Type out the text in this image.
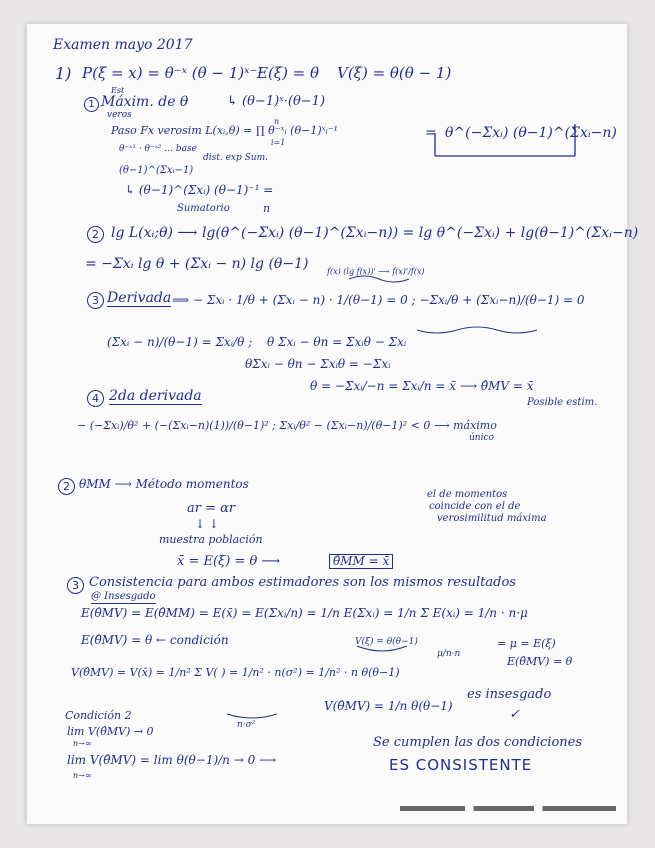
Examen mayo 2017
1) P(ξ = x) = θ⁻ˣ (θ − 1)ˣ⁻¹
E(ξ) = θ V(ξ) = θ(θ − 1)
1
Est
Máxim. de θ
veros
↳ (θ−1)ˣ·(θ−1)
Paso Fx verosim L(xᵢ,θ) = ∏ θ⁻ˣᵢ (θ−1)ˣᵢ⁻¹
n
i=1
= θ^(−Σxᵢ) (θ−1)^(Σxᵢ−n)
θ⁻ˣ¹ · θ⁻ˣ² ... base
dist. exp Sum.
(θ−1)^(Σxᵢ−1)
↳ (θ−1)^(Σxᵢ) (θ−1)⁻¹ =
Sumatorio	n
2 lg L(xᵢ;θ) ⟶ lg(θ^(−Σxᵢ) (θ−1)^(Σxᵢ−n)) = lg θ^(−Σxᵢ) + lg(θ−1)^(Σxᵢ−n)
= −Σxᵢ lg θ + (Σxᵢ − n) lg (θ−1) f(x) (lg f(x))' ⟶ f(x)'/f(x)
3 Derivada ⟹ − Σxᵢ · 1/θ + (Σxᵢ − n) · 1/(θ−1) = 0 ; −Σxᵢ/θ + (Σxᵢ−n)/(θ−1) = 0
(Σxᵢ − n)/(θ−1) = Σxᵢ/θ ; θ Σxᵢ − θn = Σxᵢθ − Σxᵢ
θΣxᵢ − θn − Σxᵢθ = −Σxᵢ
θ = −Σxᵢ/−n = Σxᵢ/n = x̄ ⟶ θ̂MV = x̄
Posible estim.
4 2da derivada
− (−Σxᵢ)/θ² + (−(Σxᵢ−n)(1))/(θ−1)² ; Σxᵢ/θ² − (Σxᵢ−n)/(θ−1)² < 0 ⟶ máximo
único
2 θMM ⟶ Método momentos
ar = αr
↓ ↓
muestra población
x̄ = E(ξ) = θ ⟶	θ̂MM = x̄
el de momentos
coincide con el de
verosimilitud máxima
3 Consistencia para ambos estimadores son los mismos resultados
@ Insesgado
E(θ̂MV) = E(θ̂MM) = E(x̄) = E(Σxᵢ/n) = 1/n E(Σxᵢ) = 1/n Σ E(xᵢ) = 1/n · n·μ
E(θ̂MV) = θ ← condición	V(ξ) = θ(θ−1)
μ/n·n
= μ = E(ξ)
E(θ̂MV) = θ
V(θ̂MV) = V(x̄) = 1/n² Σ V( ) = 1/n² · n(σ²) = 1/n² · n θ(θ−1)
n·σ²
es insesgado
✓
V(θ̂MV) = 1/n θ(θ−1)
Condición 2
lim V(θ̂MV) → 0
n→∞
lim V(θ̂MV) = lim θ(θ−1)/n → 0 ⟶
n→∞
Se cumplen las dos condiciones
ES CONSISTENTE
